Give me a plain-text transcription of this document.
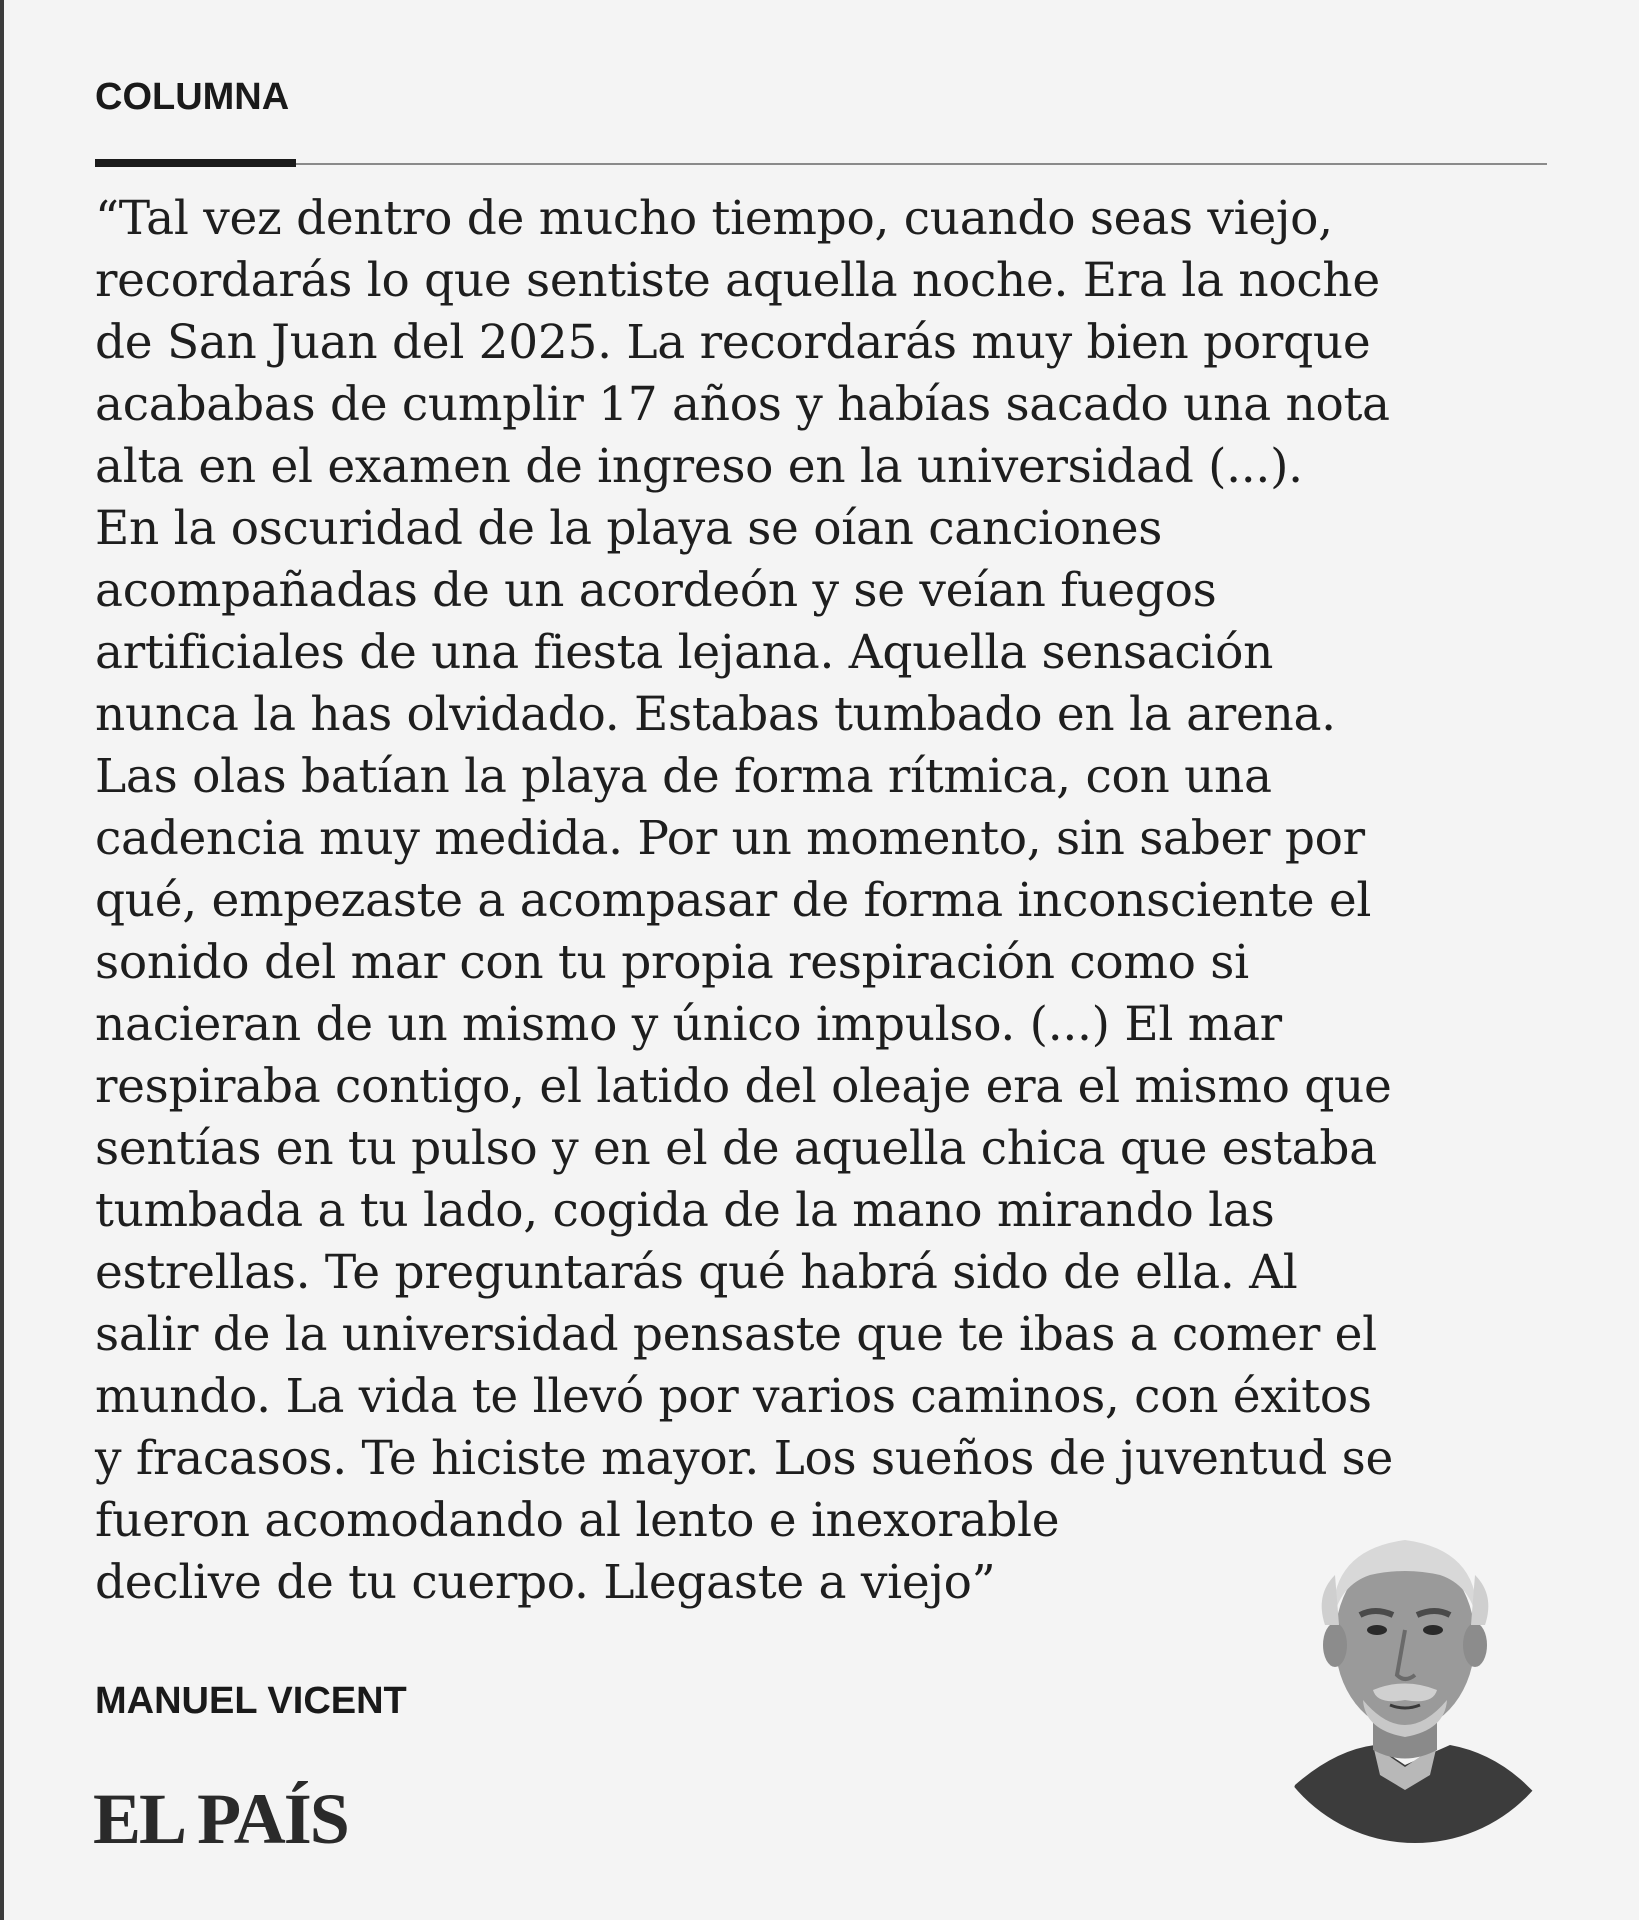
COLUMNA

“Tal vez dentro de mucho tiempo, cuando seas viejo,
recordarás lo que sentiste aquella noche. Era la noche
de San Juan del 2025. La recordarás muy bien porque
acababas de cumplir 17 años y habías sacado una nota
alta en el examen de ingreso en la universidad (...).
En la oscuridad de la playa se oían canciones
acompañadas de un acordeón y se veían fuegos
artificiales de una fiesta lejana. Aquella sensación
nunca la has olvidado. Estabas tumbado en la arena.
Las olas batían la playa de forma rítmica, con una
cadencia muy medida. Por un momento, sin saber por
qué, empezaste a acompasar de forma inconsciente el
sonido del mar con tu propia respiración como si
nacieran de un mismo y único impulso. (...) El mar
respiraba contigo, el latido del oleaje era el mismo que
sentías en tu pulso y en el de aquella chica que estaba
tumbada a tu lado, cogida de la mano mirando las
estrellas. Te preguntarás qué habrá sido de ella. Al
salir de la universidad pensaste que te ibas a comer el
mundo. La vida te llevó por varios caminos, con éxitos
y fracasos. Te hiciste mayor. Los sueños de juventud se
fueron acomodando al lento e inexorable
declive de tu cuerpo. Llegaste a viejo”

MANUEL VICENT
EL PAÍS
